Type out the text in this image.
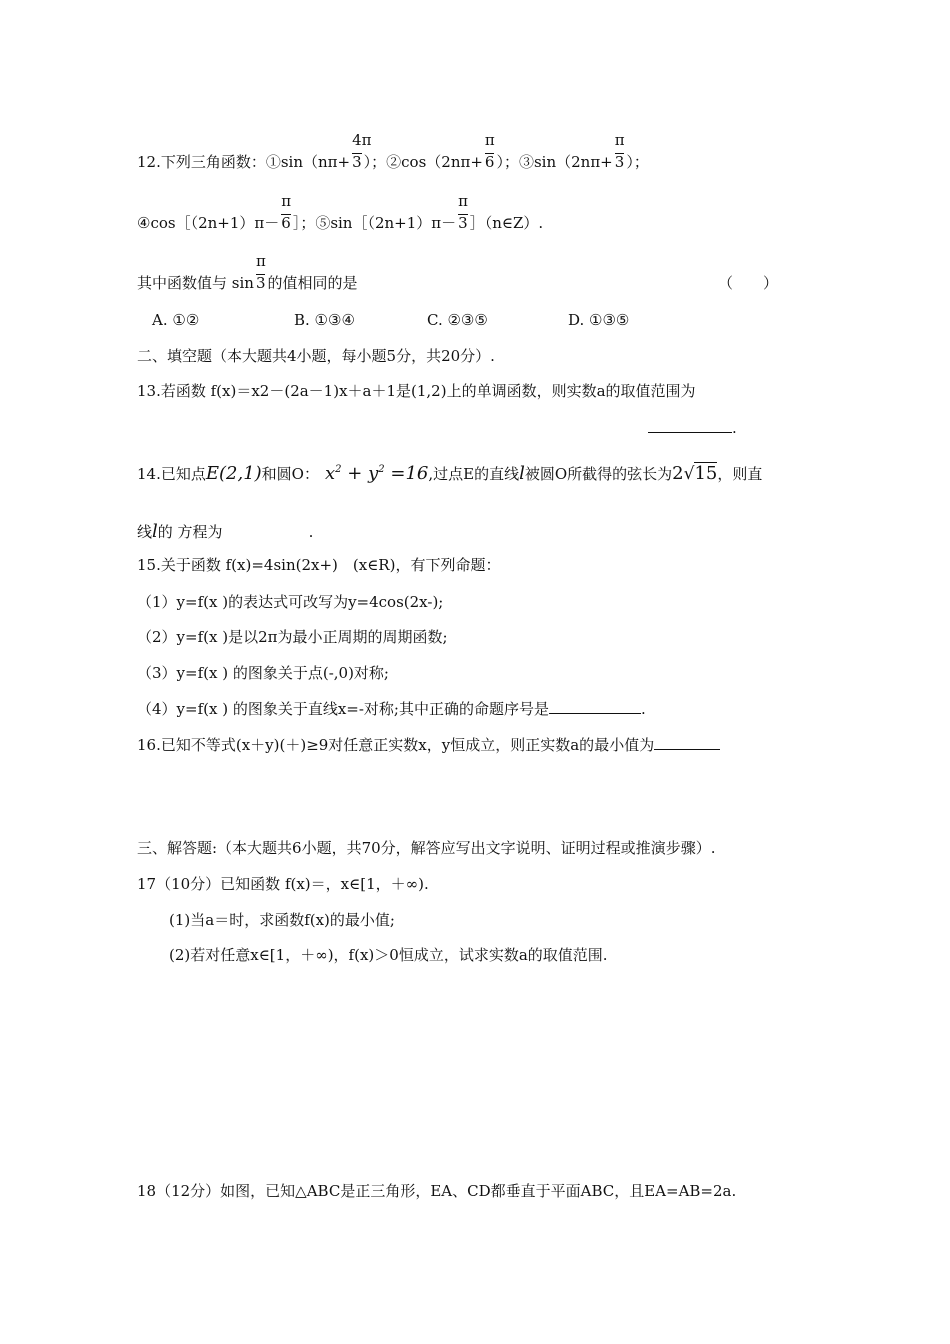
12.下列三角函数：①sin（nπ+ $\frac{4\pi}{3}$ ）；②cos（2nπ+ $\frac{\pi}{6}$ ）；③sin（2nπ+ $\frac{\pi}{3}$ ）；
④cos［（2n+1）π－ $\frac{\pi}{6}$ ］；⑤sin［（2n+1）π－ $\frac{\pi}{3}$ ］（n∈Z）.
其中函数值与 $\sin \frac{\pi}{3}$ 的值相同的是	（　　）
A. ①②	B. ①③④	C. ②③⑤	D. ①③⑤
二、填空题（本大题共4小题，每小题5分，共20分）.
13.若函数 f(x)＝x2－(2a－1)x＋a＋1是(1,2)上的单调函数，则实数a的取值范围为
.
14.已知点E(2,1)和圆O： $x^2 + y^2 =16$,过点E的直线l被圆O所截得的弦长为2√15，则直
线l的 方程为	.
15.关于函数 f(x)=4sin(2x+)　(x∈R)，有下列命题：
（1）y=f(x )的表达式可改写为y=4cos(2x-);
（2）y=f(x )是以2π为最小正周期的周期函数;
（3）y=f(x ) 的图象关于点(-,0)对称;
（4）y=f(x ) 的图象关于直线x=-对称;其中正确的命题序号是	.
16.已知不等式(x＋y)(＋)≥9对任意正实数x，y恒成立，则正实数a的最小值为
三、解答题:（本大题共6小题，共70分，解答应写出文字说明、证明过程或推演步骤）.
17（10分）已知函数 f(x)＝，x∈[1，＋∞).
(1)当a＝时，求函数f(x)的最小值;
(2)若对任意x∈[1，＋∞)，f(x)＞0恒成立，试求实数a的取值范围.
18（12分）如图，已知△ABC是正三角形，EA、CD都垂直于平面ABC，且EA=AB=2a.
